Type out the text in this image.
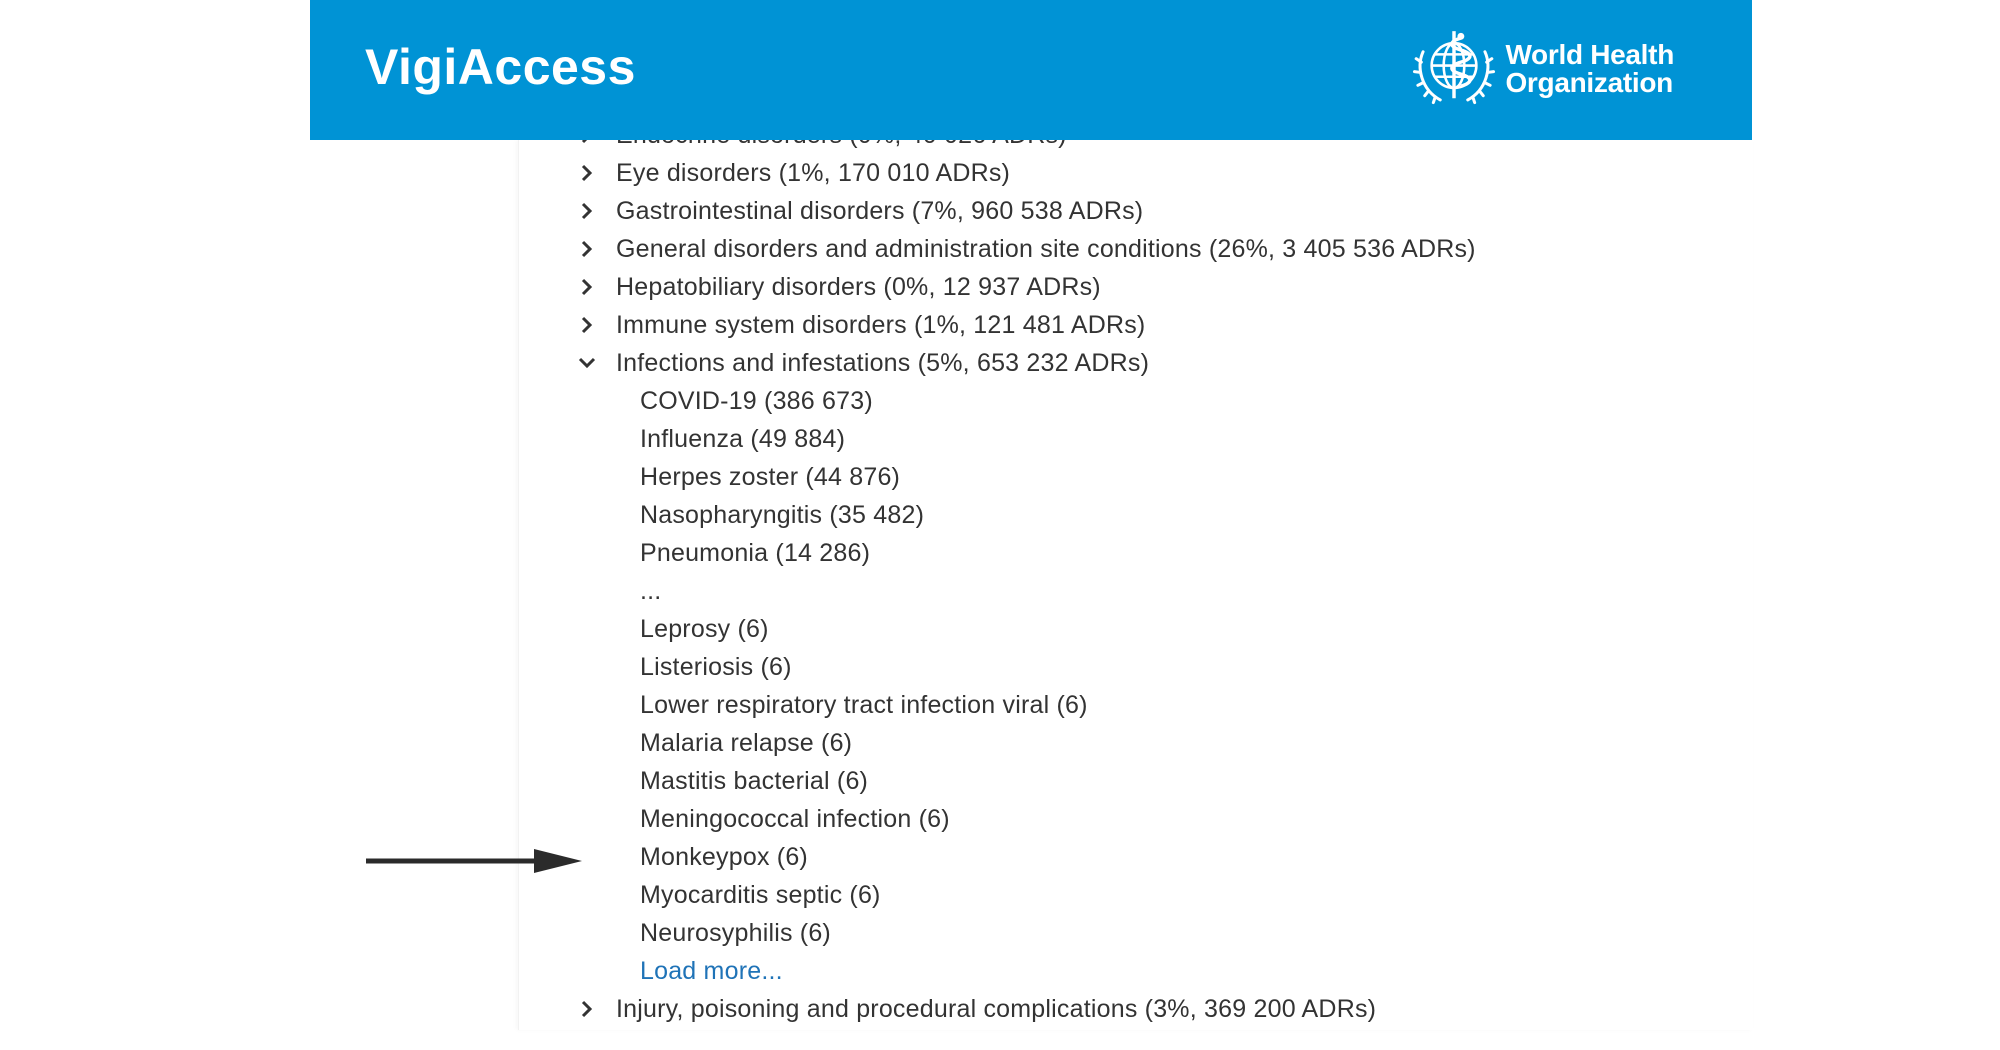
VigiAccess	World Health
Organization
Eye disorders (1%, 170 010 ADRs)
Gastrointestinal disorders (7%, 960 538 ADRs)
General disorders and administration site conditions (26%, 3 405 536 ADRs)
Hepatobiliary disorders (0%, 12 937 ADRs)
Immune system disorders (1%, 121 481 ADRs)
Infections and infestations (5%, 653 232 ADRs)
COVID-19 (386 673)
Influenza (49 884)
Herpes zoster (44 876)
Nasopharyngitis (35 482)
Pneumonia (14 286)
...
Leprosy (6)
Listeriosis (6)
Lower respiratory tract infection viral (6)
Malaria relapse (6)
Mastitis bacterial (6)
Meningococcal infection (6)
Monkeypox (6)
Myocarditis septic (6)
Neurosyphilis (6)
Load more...
Injury, poisoning and procedural complications (3%, 369 200 ADRs)
